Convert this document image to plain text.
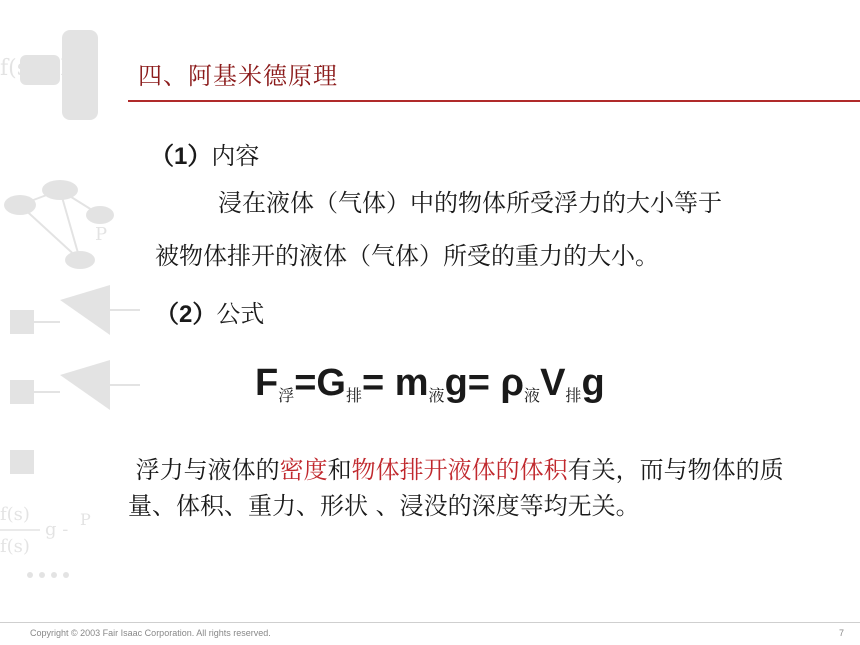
f(s) P
P
f(s)
f(s)
g - P
四、阿基米德原理
（1）内容
浸在液体（气体）中的物体所受浮力的大小等于
被物体排开的液体（气体）所受的重力的大小。
（2）公式
$F_浮=G_排= m_液g= \rho_液V_排g$
浮力与液体的密度和物体排开液体的体积有关，而与物体的质量、体积、重力、形状 、浸没的深度等均无关。
Copyright © 2003 Fair Isaac Corporation. All rights reserved.	7
